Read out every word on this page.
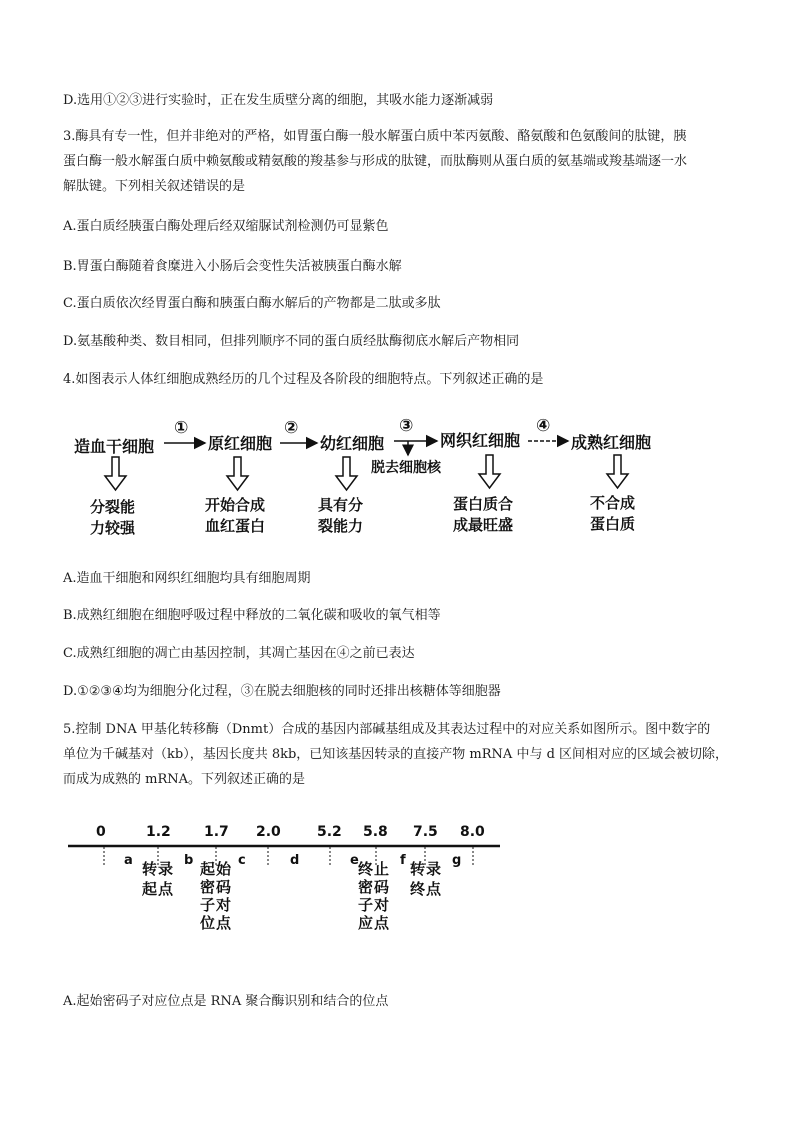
D.选用①②③进行实验时，正在发生质壁分离的细胞，其吸水能力逐渐减弱
3.酶具有专一性，但并非绝对的严格，如胃蛋白酶一般水解蛋白质中苯丙氨酸、酪氨酸和色氨酸间的肽键，胰
蛋白酶一般水解蛋白质中赖氨酸或精氨酸的羧基参与形成的肽键，而肽酶则从蛋白质的氨基端或羧基端逐一水
解肽键。下列相关叙述错误的是
A.蛋白质经胰蛋白酶处理后经双缩脲试剂检测仍可显紫色
B.胃蛋白酶随着食糜进入小肠后会变性失活被胰蛋白酶水解
C.蛋白质依次经胃蛋白酶和胰蛋白酶水解后的产物都是二肽或多肽
D.氨基酸种类、数目相同，但排列顺序不同的蛋白质经肽酶彻底水解后产物相同
4.如图表示人体红细胞成熟经历的几个过程及各阶段的细胞特点。下列叙述正确的是
造血干细胞	原红细胞	幼红细胞	网织红细胞	成熟红细胞
①	②	③	④
脱去细胞核
分裂能
力较强
开始合成
血红蛋白
具有分
裂能力
蛋白质合
成最旺盛
不合成
蛋白质
A.造血干细胞和网织红细胞均具有细胞周期
B.成熟红细胞在细胞呼吸过程中释放的二氧化碳和吸收的氧气相等
C.成熟红细胞的凋亡由基因控制，其凋亡基因在④之前已表达
D.①②③④均为细胞分化过程，③在脱去细胞核的同时还排出核糖体等细胞器
5.控制 DNA 甲基化转移酶（Dnmt）合成的基因内部碱基组成及其表达过程中的对应关系如图所示。图中数字的
单位为千碱基对（kb），基因长度共 8kb，已知该基因转录的直接产物 mRNA 中与 d 区间相对应的区域会被切除，
而成为成熟的 mRNA。下列叙述正确的是
0	1.2 1.7 2.0	5.2 5.8 7.5 8.0
a	b	c	d	e	f	g
转 录
起 点
起 始
密 码
子 对
位 点
终 止
密 码
子 对
应 点
转 录
终 点
A.起始密码子对应位点是 RNA 聚合酶识别和结合的位点
